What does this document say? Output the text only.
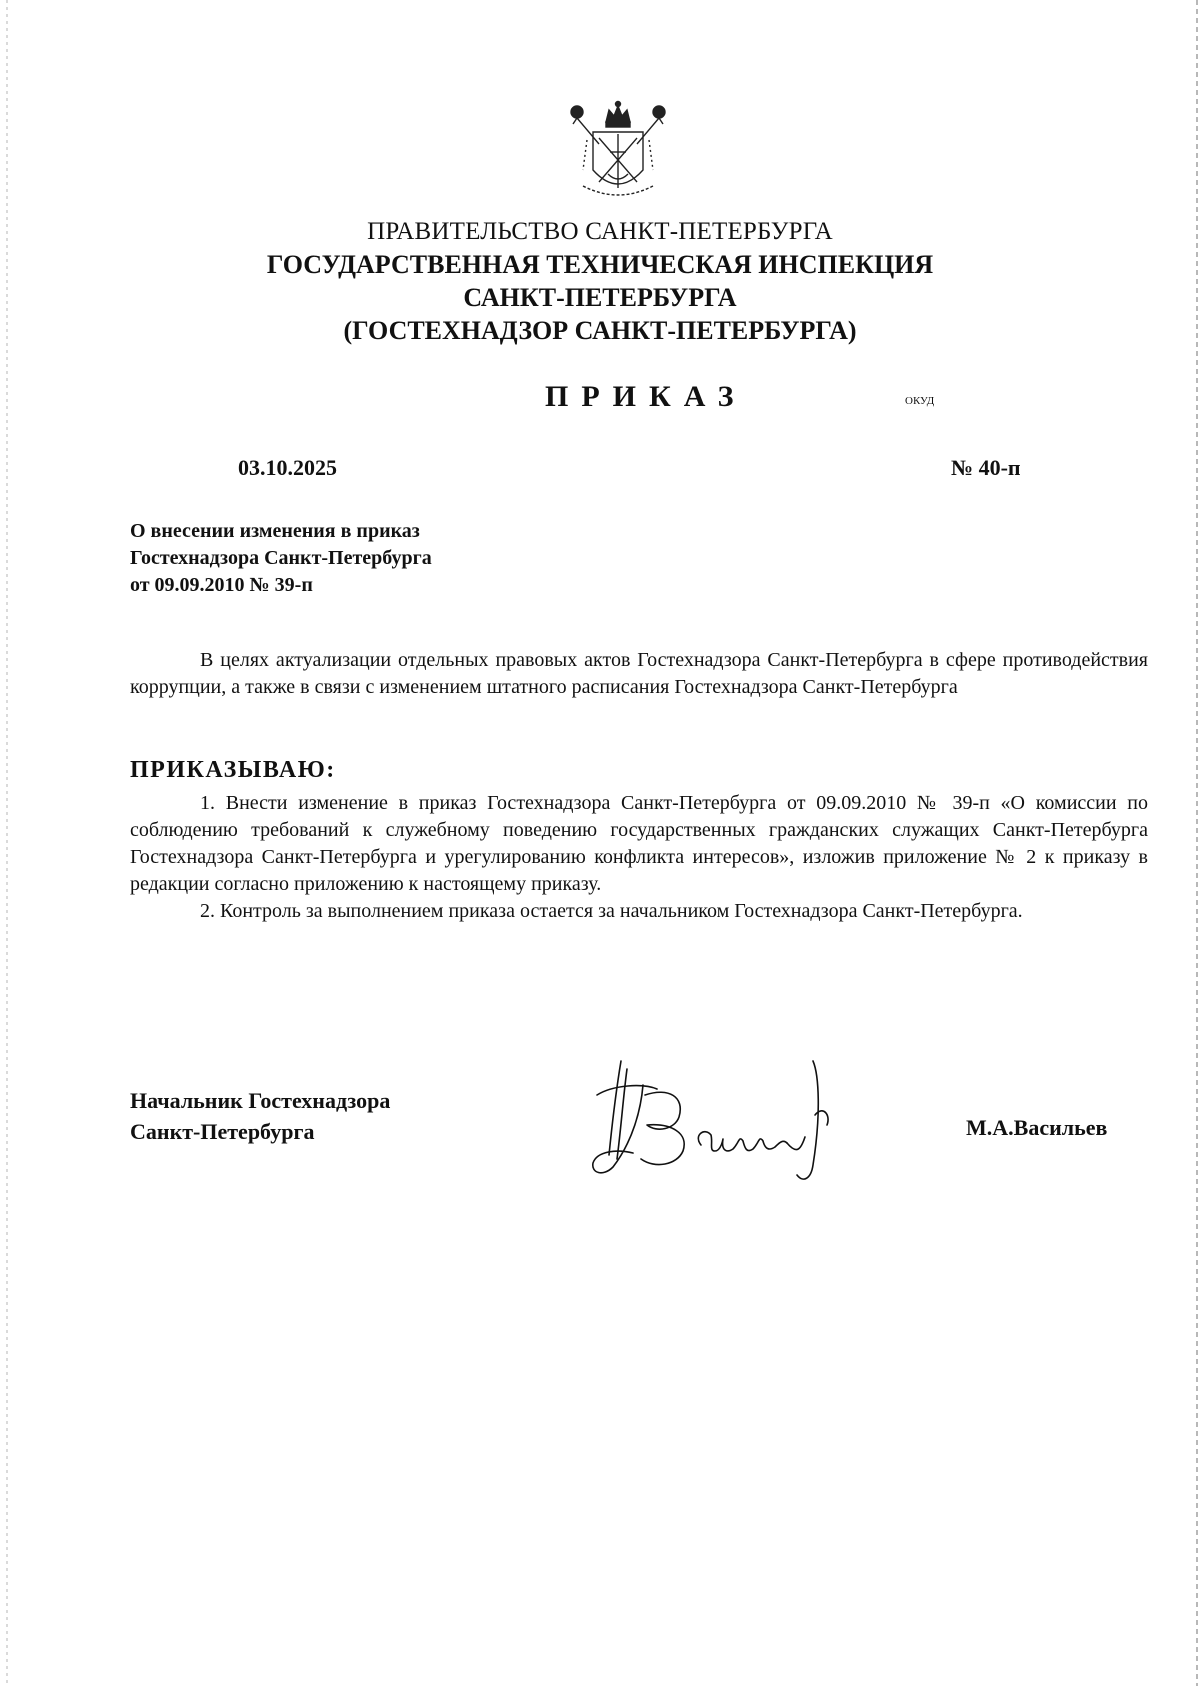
ПРАВИТЕЛЬСТВО САНКТ-ПЕТЕРБУРГА
ГОСУДАРСТВЕННАЯ ТЕХНИЧЕСКАЯ ИНСПЕКЦИЯ
САНКТ-ПЕТЕРБУРГА
(ГОСТЕХНАДЗОР САНКТ-ПЕТЕРБУРГА)
ПРИКАЗ	ОКУД
03.10.2025	№ 40-п
О внесении изменения в приказ
Гостехнадзора Санкт-Петербурга
от 09.09.2010 № 39-п

В целях актуализации отдельных правовых актов Гостехнадзора Санкт-Петербурга в сфере противодействия коррупции, а также в связи с изменением штатного расписания Гостехнадзора Санкт-Петербурга

ПРИКАЗЫВАЮ:

1. Внести изменение в приказ Гостехнадзора Санкт-Петербурга от 09.09.2010 № 39-п «О комиссии по соблюдению требований к служебному поведению государственных гражданских служащих Санкт-Петербурга Гостехнадзора Санкт-Петербурга и урегулированию конфликта интересов», изложив приложение № 2 к приказу в редакции согласно приложению к настоящему приказу.

2. Контроль за выполнением приказа остается за начальником Гостехнадзора Санкт-Петербурга.

Начальник Гостехнадзора
Санкт-Петербурга	М.А.Васильев
